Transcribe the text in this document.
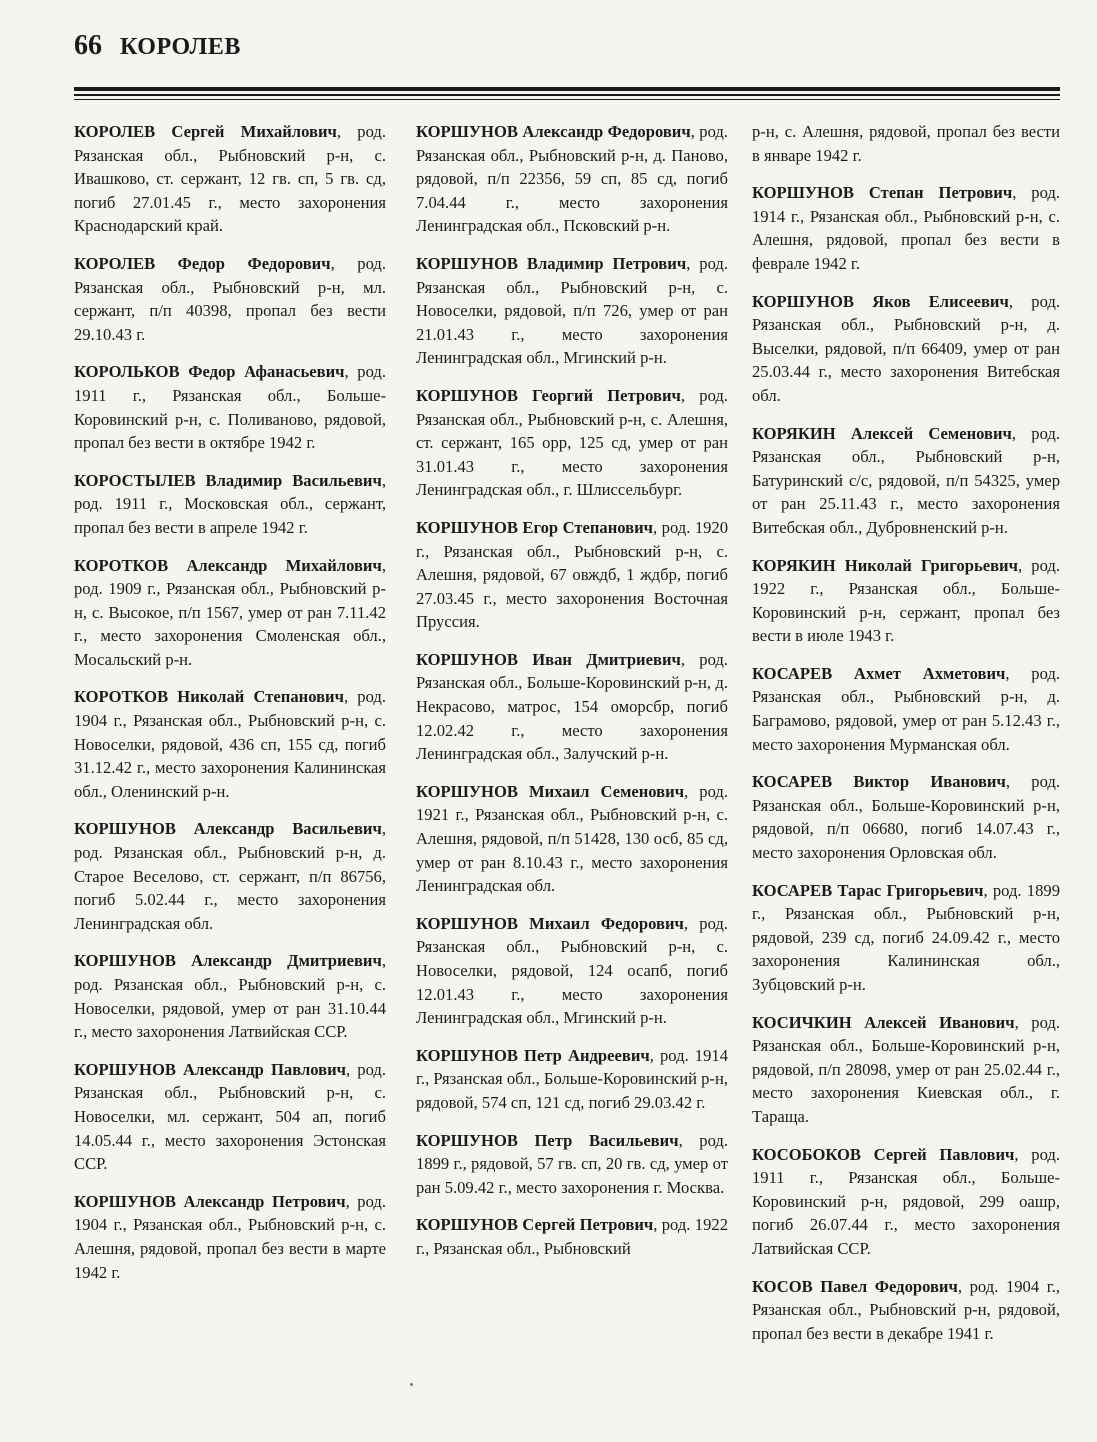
66 КОРОЛЕВ

КОРОЛЕВ Сергей Михайлович, род. Рязанская обл., Рыбновский р-н, с. Ивашково, ст. сержант, 12 гв. сп, 5 гв. сд, погиб 27.01.45 г., место захоронения Краснодарский край.

КОРОЛЕВ Федор Федорович, род. Рязанская обл., Рыбновский р-н, мл. сержант, п/п 40398, пропал без вести 29.10.43 г.

КОРОЛЬКОВ Федор Афанасьевич, род. 1911 г., Рязанская обл., Больше-Коровинский р-н, с. Поливаново, рядовой, пропал без вести в октябре 1942 г.

КОРОСТЫЛЕВ Владимир Васильевич, род. 1911 г., Московская обл., сержант, пропал без вести в апреле 1942 г.

КОРОТКОВ Александр Михайлович, род. 1909 г., Рязанская обл., Рыбновский р-н, с. Высокое, п/п 1567, умер от ран 7.11.42 г., место захоронения Смоленская обл., Мосальский р-н.

КОРОТКОВ Николай Степанович, род. 1904 г., Рязанская обл., Рыбновский р-н, с. Новоселки, рядовой, 436 сп, 155 сд, погиб 31.12.42 г., место захоронения Калининская обл., Оленинский р-н.

КОРШУНОВ Александр Васильевич, род. Рязанская обл., Рыбновский р-н, д. Старое Веселово, ст. сержант, п/п 86756, погиб 5.02.44 г., место захоронения Ленинградская обл.

КОРШУНОВ Александр Дмитриевич, род. Рязанская обл., Рыбновский р-н, с. Новоселки, рядовой, умер от ран 31.10.44 г., место захоронения Латвийская ССР.

КОРШУНОВ Александр Павлович, род. Рязанская обл., Рыбновский р-н, с. Новоселки, мл. сержант, 504 ап, погиб 14.05.44 г., место захоронения Эстонская ССР.

КОРШУНОВ Александр Петрович, род. 1904 г., Рязанская обл., Рыбновский р-н, с. Алешня, рядовой, пропал без вести в марте 1942 г.

КОРШУНОВ Александр Федорович, род. Рязанская обл., Рыбновский р-н, д. Паново, рядовой, п/п 22356, 59 сп, 85 сд, погиб 7.04.44 г., место захоронения Ленинградская обл., Псковский р-н.

КОРШУНОВ Владимир Петрович, род. Рязанская обл., Рыбновский р-н, с. Новоселки, рядовой, п/п 726, умер от ран 21.01.43 г., место захоронения Ленинградская обл., Мгинский р-н.

КОРШУНОВ Георгий Петрович, род. Рязанская обл., Рыбновский р-н, с. Алешня, ст. сержант, 165 орр, 125 сд, умер от ран 31.01.43 г., место захоронения Ленинградская обл., г. Шлиссельбург.

КОРШУНОВ Егор Степанович, род. 1920 г., Рязанская обл., Рыбновский р-н, с. Алешня, рядовой, 67 овждб, 1 ждбр, погиб 27.03.45 г., место захоронения Восточная Пруссия.

КОРШУНОВ Иван Дмитриевич, род. Рязанская обл., Больше-Коровинский р-н, д. Некрасово, матрос, 154 оморсбр, погиб 12.02.42 г., место захоронения Ленинградская обл., Залучский р-н.

КОРШУНОВ Михаил Семенович, род. 1921 г., Рязанская обл., Рыбновский р-н, с. Алешня, рядовой, п/п 51428, 130 осб, 85 сд, умер от ран 8.10.43 г., место захоронения Ленинградская обл.

КОРШУНОВ Михаил Федорович, род. Рязанская обл., Рыбновский р-н, с. Новоселки, рядовой, 124 осапб, погиб 12.01.43 г., место захоронения Ленинградская обл., Мгинский р-н.

КОРШУНОВ Петр Андреевич, род. 1914 г., Рязанская обл., Больше-Коровинский р-н, рядовой, 574 сп, 121 сд, погиб 29.03.42 г.

КОРШУНОВ Петр Васильевич, род. 1899 г., рядовой, 57 гв. сп, 20 гв. сд, умер от ран 5.09.42 г., место захоронения г. Москва.

КОРШУНОВ Сергей Петрович, род. 1922 г., Рязанская обл., Рыбновский

р-н, с. Алешня, рядовой, пропал без вести в январе 1942 г.

КОРШУНОВ Степан Петрович, род. 1914 г., Рязанская обл., Рыбновский р-н, с. Алешня, рядовой, пропал без вести в феврале 1942 г.

КОРШУНОВ Яков Елисеевич, род. Рязанская обл., Рыбновский р-н, д. Выселки, рядовой, п/п 66409, умер от ран 25.03.44 г., место захоронения Витебская обл.

КОРЯКИН Алексей Семенович, род. Рязанская обл., Рыбновский р-н, Батуринский с/с, рядовой, п/п 54325, умер от ран 25.11.43 г., место захоронения Витебская обл., Дубровненский р-н.

КОРЯКИН Николай Григорьевич, род. 1922 г., Рязанская обл., Больше-Коровинский р-н, сержант, пропал без вести в июле 1943 г.

КОСАРЕВ Ахмет Ахметович, род. Рязанская обл., Рыбновский р-н, д. Баграмово, рядовой, умер от ран 5.12.43 г., место захоронения Мурманская обл.

КОСАРЕВ Виктор Иванович, род. Рязанская обл., Больше-Коровинский р-н, рядовой, п/п 06680, погиб 14.07.43 г., место захоронения Орловская обл.

КОСАРЕВ Тарас Григорьевич, род. 1899 г., Рязанская обл., Рыбновский р-н, рядовой, 239 сд, погиб 24.09.42 г., место захоронения Калининская обл., Зубцовский р-н.

КОСИЧКИН Алексей Иванович, род. Рязанская обл., Больше-Коровинский р-н, рядовой, п/п 28098, умер от ран 25.02.44 г., место захоронения Киевская обл., г. Тараща.

КОСОБОКОВ Сергей Павлович, род. 1911 г., Рязанская обл., Больше-Коровинский р-н, рядовой, 299 оашр, погиб 26.07.44 г., место захоронения Латвийская ССР.

КОСОВ Павел Федорович, род. 1904 г., Рязанская обл., Рыбновский р-н, рядовой, пропал без вести в декабре 1941 г.
